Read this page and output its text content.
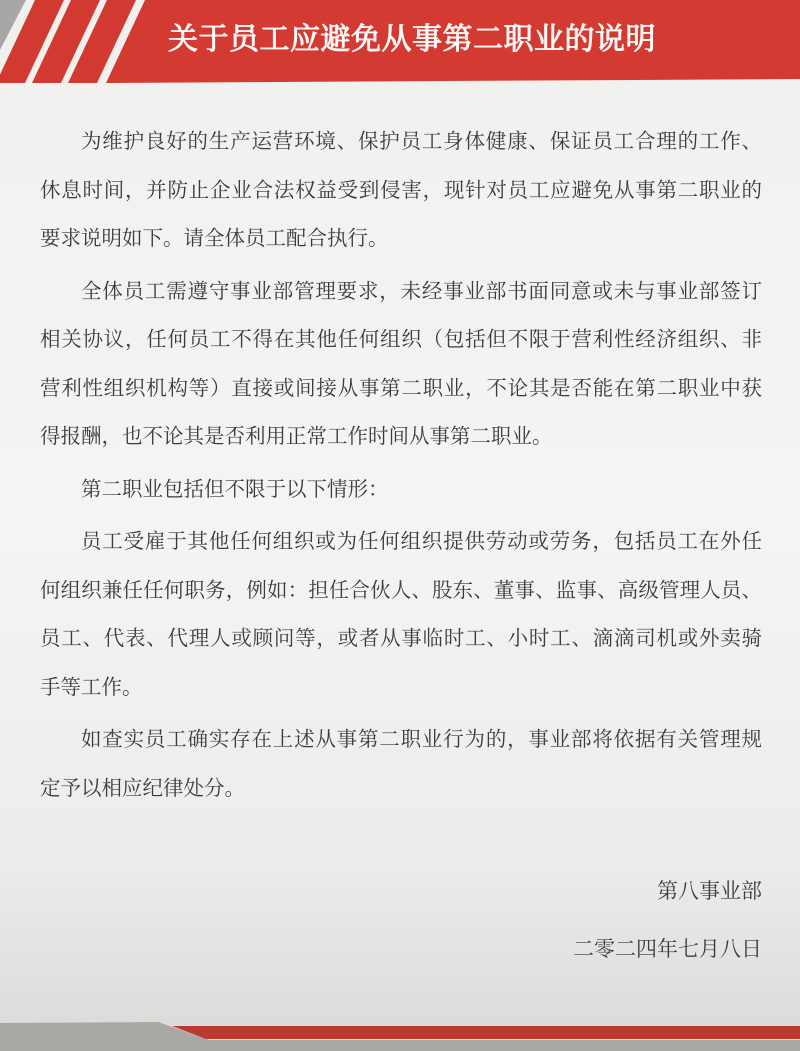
关于员工应避免从事第二职业的说明
为维护良好的生产运营环境、保护员工身体健康、保证员工合理的工作、
休息时间，并防止企业合法权益受到侵害，现针对员工应避免从事第二职业的
要求说明如下。请全体员工配合执行。
全体员工需遵守事业部管理要求，未经事业部书面同意或未与事业部签订
相关协议，任何员工不得在其他任何组织（包括但不限于营利性经济组织、非
营利性组织机构等）直接或间接从事第二职业，不论其是否能在第二职业中获
得报酬，也不论其是否利用正常工作时间从事第二职业。
第二职业包括但不限于以下情形：
员工受雇于其他任何组织或为任何组织提供劳动或劳务，包括员工在外任
何组织兼任任何职务，例如：担任合伙人、股东、董事、监事、高级管理人员、
员工、代表、代理人或顾问等，或者从事临时工、小时工、滴滴司机或外卖骑
手等工作。
如查实员工确实存在上述从事第二职业行为的，事业部将依据有关管理规
定予以相应纪律处分。
第八事业部
二零二四年七月八日
